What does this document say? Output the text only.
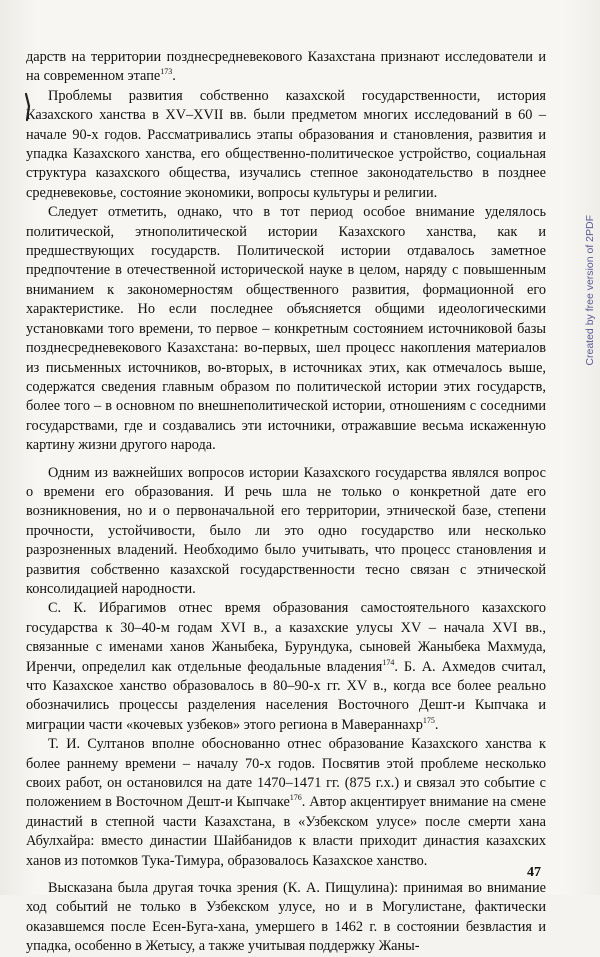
дарств на территории позднесредневекового Казахстана признают исследователи и на современном этапе$^{173}$.

Проблемы развития собственно казахской государственности, история Казахского ханства в XV–XVII вв. были предметом многих исследований в 60 – начале 90-х годов. Рассматривались этапы образования и становления, развития и упадка Казахского ханства, его общественно-политическое устройство, социальная структура казахского общества, изучались степное законодательство в позднее средневековье, состояние экономики, вопросы культуры и религии.

Следует отметить, однако, что в тот период особое внимание уделялось политической, этнополитической истории Казахского ханства, как и предшествующих государств. Политической истории отдавалось заметное предпочтение в отечественной исторической науке в целом, наряду с повышенным вниманием к закономерностям общественного развития, формационной его характеристике. Но если последнее объясняется общими идеологическими установками того времени, то первое – конкретным состоянием источниковой базы позднесредневекового Казахстана: во-первых, шел процесс накопления материалов из письменных источников, во-вторых, в источниках этих, как отмечалось выше, содержатся сведения главным образом по политической истории этих государств, более того – в основном по внешнеполитической истории, отношениям с соседними государствами, где и создавались эти источники, отражавшие весьма искаженную картину жизни другого народа.

Одним из важнейших вопросов истории Казахского государства являлся вопрос о времени его образования. И речь шла не только о конкретной дате его возникновения, но и о первоначальной его территории, этнической базе, степени прочности, устойчивости, было ли это одно государство или несколько разрозненных владений. Необходимо было учитывать, что процесс становления и развития собственно казахской государственности тесно связан с этнической консолидацией народности.

С. К. Ибрагимов отнес время образования самостоятельного казахского государства к 30–40-м годам XVI в., а казахские улусы XV – начала XVI вв., связанные с именами ханов Жаныбека, Бурундука, сыновей Жаныбека Махмуда, Иренчи, определил как отдельные феодальные владения$^{174}$. Б. А. Ахмедов считал, что Казахское ханство образовалось в 80–90-х гг. XV в., когда все более реально обозначились процессы разделения населения Восточного Дешт-и Кыпчака и миграции части «кочевых узбеков» этого региона в Мавераннахр$^{175}$.

Т. И. Султанов вполне обоснованно отнес образование Казахского ханства к более раннему времени – началу 70-х годов. Посвятив этой проблеме несколько своих работ, он остановился на дате 1470–1471 гг. (875 г.х.) и связал это событие с положением в Восточном Дешт-и Кыпчаке$^{176}$. Автор акцентирует внимание на смене династий в степной части Казахстана, в «Узбекском улусе» после смерти хана Абулхайра: вместо династии Шайбанидов к власти приходит династия казахских ханов из потомков Тука-Тимура, образовалось Казахское ханство.

Высказана была другая точка зрения (К. А. Пищулина): принимая во внимание ход событий не только в Узбекском улусе, но и в Могулистане, фактически оказавшемся после Есен-Буга-хана, умершего в 1462 г. в состоянии безвластия и упадка, особенно в Жетысу, а также учитывая поддержку Жаны-

Created by free version of 2PDF
47
